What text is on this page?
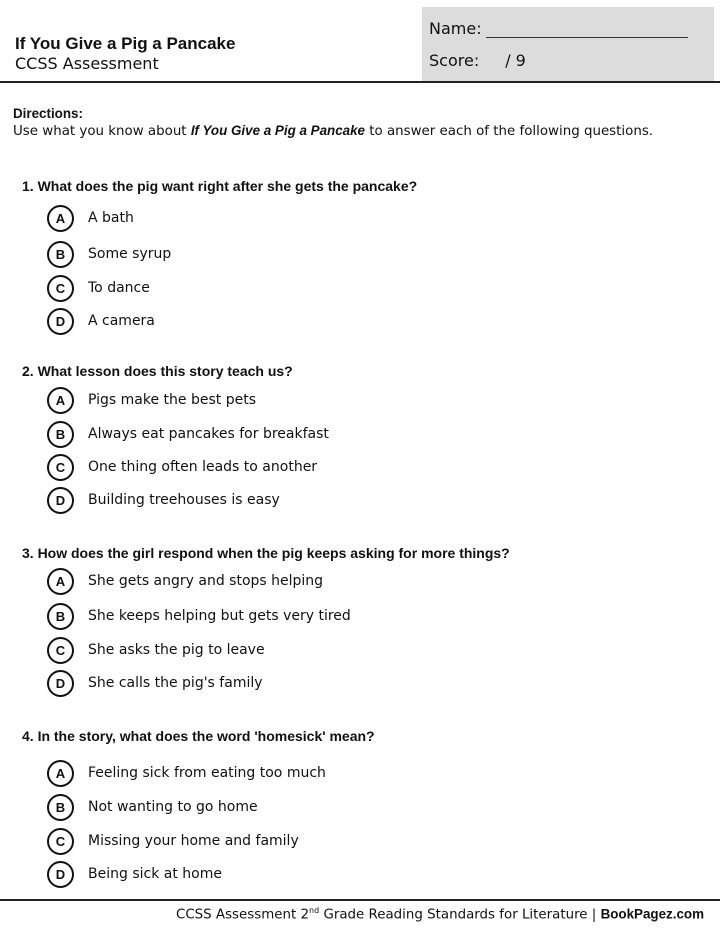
If You Give a Pig a Pancake
CCSS Assessment
Name:
Score: / 9
Directions:
Use what you know about If You Give a Pig a Pancake to answer each of the following questions.
1. What does the pig want right after she gets the pancake?
A	A bath
B	Some syrup
C	To dance
D	A camera
2. What lesson does this story teach us?
A	Pigs make the best pets
B	Always eat pancakes for breakfast
C	One thing often leads to another
D	Building treehouses is easy
3. How does the girl respond when the pig keeps asking for more things?
A	She gets angry and stops helping
B	She keeps helping but gets very tired
C	She asks the pig to leave
D	She calls the pig's family
4. In the story, what does the word 'homesick' mean?
A	Feeling sick from eating too much
B	Not wanting to go home
C	Missing your home and family
D	Being sick at home
CCSS Assessment 2nd Grade Reading Standards for Literature | BookPagez.com
